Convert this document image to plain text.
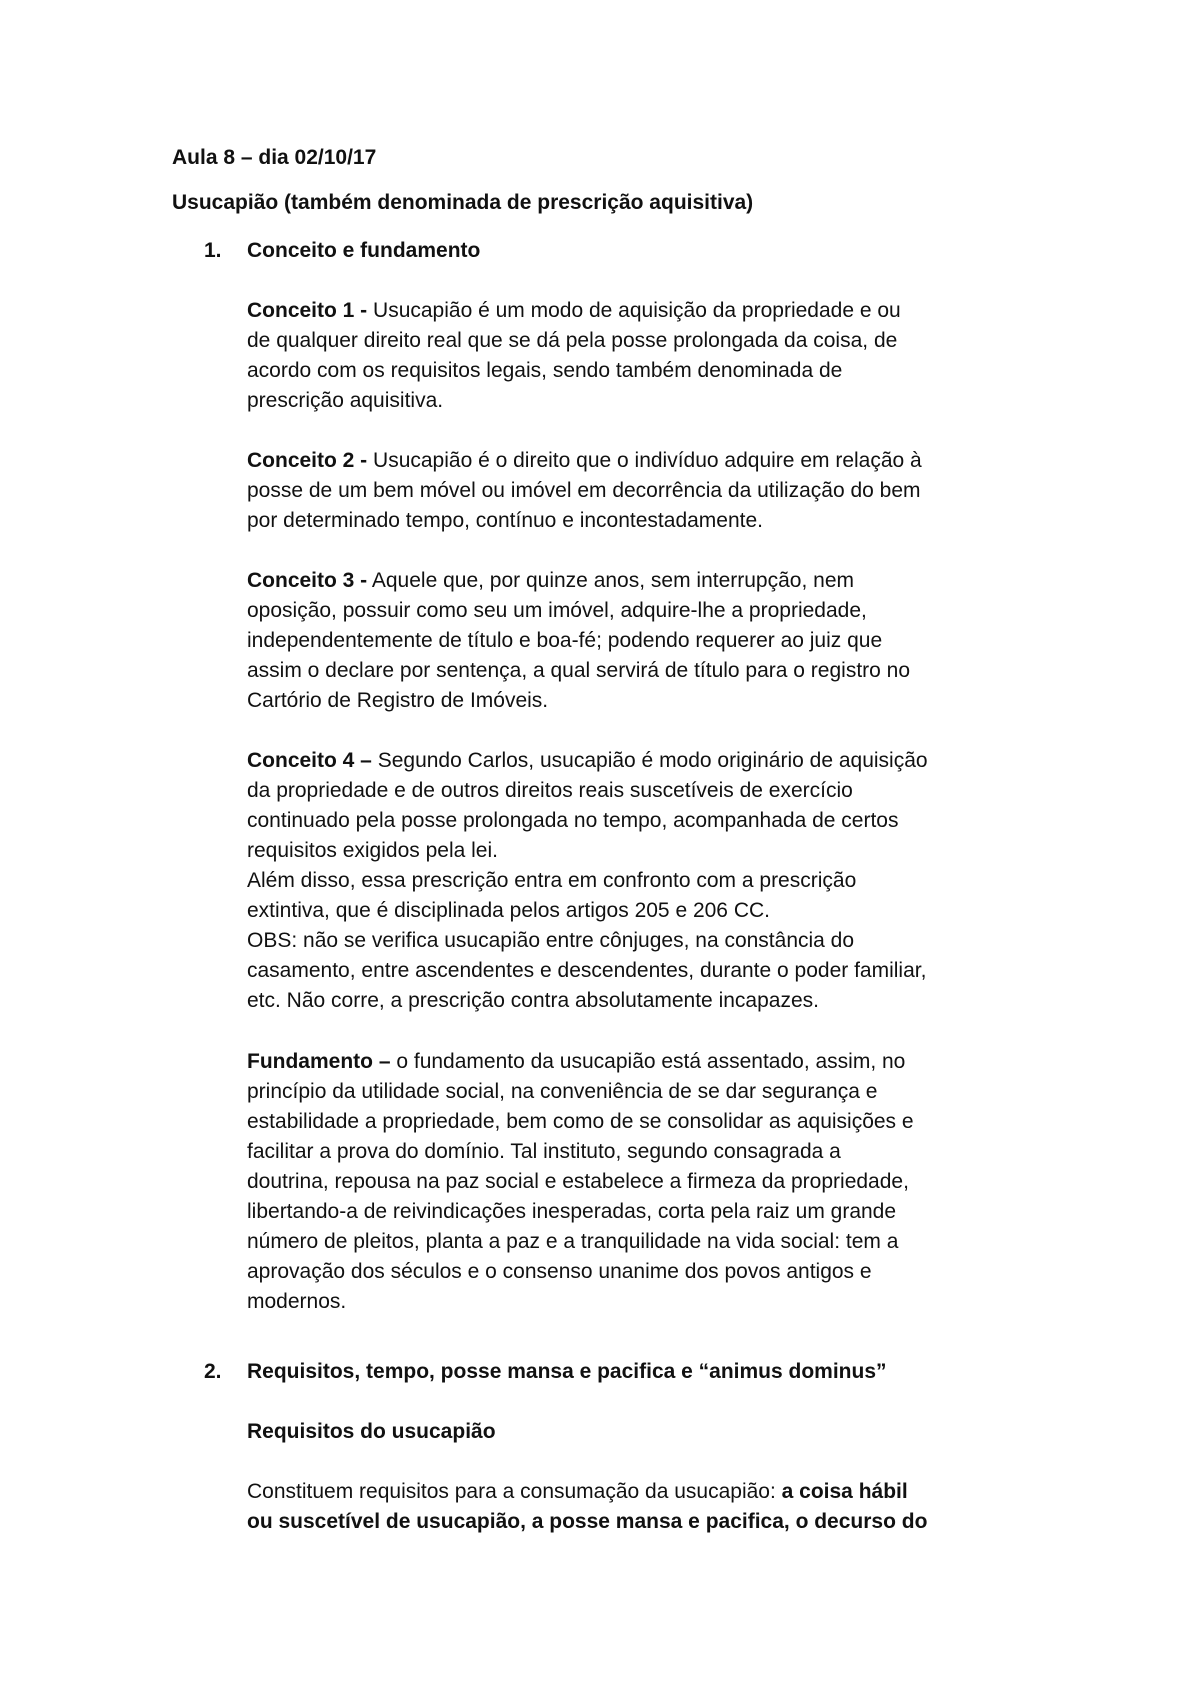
Aula 8 – dia 02/10/17

Usucapião (também denominada de prescrição aquisitiva)

1. Conceito e fundamento

Conceito 1 - Usucapião é um modo de aquisição da propriedade e ou
de qualquer direito real que se dá pela posse prolongada da coisa, de
acordo com os requisitos legais, sendo também denominada de
prescrição aquisitiva.
Conceito 2 - Usucapião é o direito que o indivíduo adquire em relação à
posse de um bem móvel ou imóvel em decorrência da utilização do bem
por determinado tempo, contínuo e incontestadamente.
Conceito 3 - Aquele que, por quinze anos, sem interrupção, nem
oposição, possuir como seu um imóvel, adquire-lhe a propriedade,
independentemente de título e boa-fé; podendo requerer ao juiz que
assim o declare por sentença, a qual servirá de título para o registro no
Cartório de Registro de Imóveis.
Conceito 4 – Segundo Carlos, usucapião é modo originário de aquisição
da propriedade e de outros direitos reais suscetíveis de exercício
continuado pela posse prolongada no tempo, acompanhada de certos
requisitos exigidos pela lei.
Além disso, essa prescrição entra em confronto com a prescrição
extintiva, que é disciplinada pelos artigos 205 e 206 CC.
OBS: não se verifica usucapião entre cônjuges, na constância do
casamento, entre ascendentes e descendentes, durante o poder familiar,
etc. Não corre, a prescrição contra absolutamente incapazes.
Fundamento – o fundamento da usucapião está assentado, assim, no
princípio da utilidade social, na conveniência de se dar segurança e
estabilidade a propriedade, bem como de se consolidar as aquisições e
facilitar a prova do domínio. Tal instituto, segundo consagrada a
doutrina, repousa na paz social e estabelece a firmeza da propriedade,
libertando-a de reivindicações inesperadas, corta pela raiz um grande
número de pleitos, planta a paz e a tranquilidade na vida social: tem a
aprovação dos séculos e o consenso unanime dos povos antigos e
modernos.

2. Requisitos, tempo, posse mansa e pacifica e “animus dominus”

Requisitos do usucapião

Constituem requisitos para a consumação da usucapião: a coisa hábil
ou suscetível de usucapião, a posse mansa e pacifica, o decurso do
